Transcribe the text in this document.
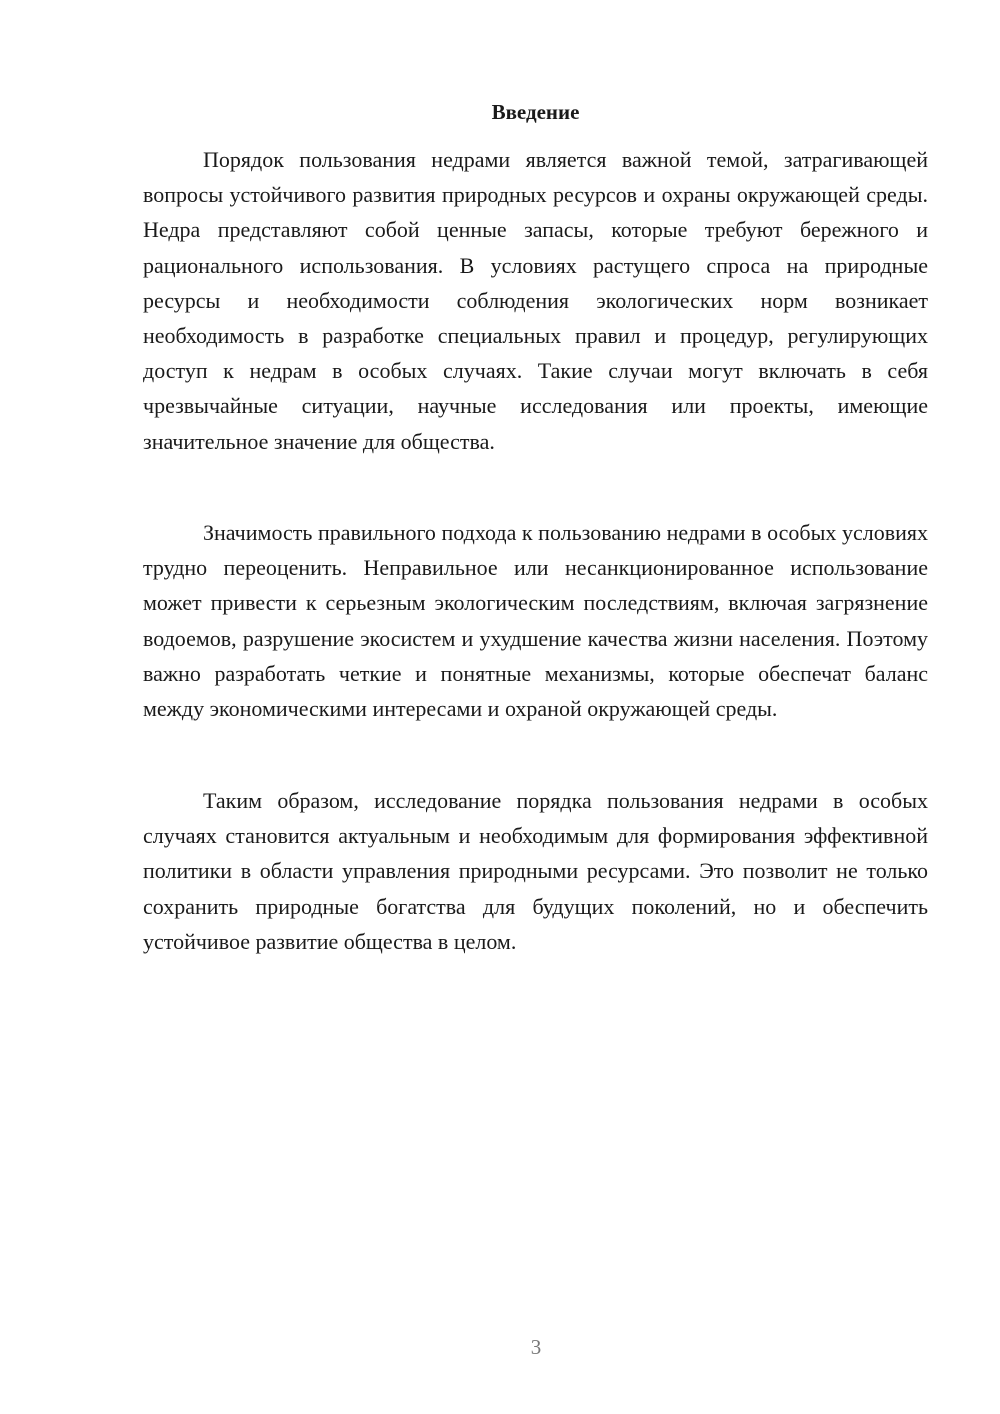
Введение

Порядок пользования недрами является важной темой, затрагивающей вопросы устойчивого развития природных ресурсов и охраны окружающей среды. Недра представляют собой ценные запасы, которые требуют бережного и рационального использования. В условиях растущего спроса на природные ресурсы и необходимости соблюдения экологических норм возникает необходимость в разработке специальных правил и процедур, регулирующих доступ к недрам в особых случаях. Такие случаи могут включать в себя чрезвычайные ситуации, научные исследования или проекты, имеющие значительное значение для общества.

Значимость правильного подхода к пользованию недрами в особых условиях трудно переоценить. Неправильное или несанкционированное использование может привести к серьезным экологическим последствиям, включая загрязнение водоемов, разрушение экосистем и ухудшение качества жизни населения. Поэтому важно разработать четкие и понятные механизмы, которые обеспечат баланс между экономическими интересами и охраной окружающей среды.

Таким образом, исследование порядка пользования недрами в особых случаях становится актуальным и необходимым для формирования эффективной политики в области управления природными ресурсами. Это позволит не только сохранить природные богатства для будущих поколений, но и обеспечить устойчивое развитие общества в целом.

3
